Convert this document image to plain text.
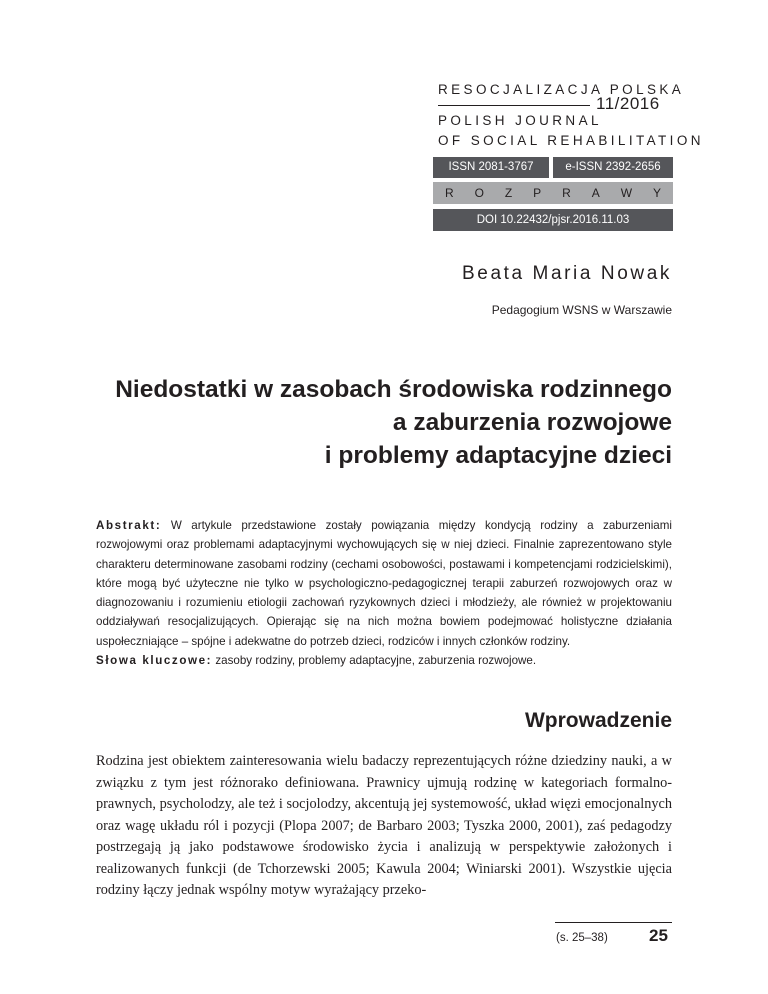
RESOCJALIZACJA POLSKA
11/2016
POLISH JOURNAL
OF SOCIAL REHABILITATION
ISSN 2081-3767	e-ISSN 2392-2656
R O Z P R A W Y
DOI 10.22432/pjsr.2016.11.03
Beata Maria Nowak
Pedagogium WSNS w Warszawie
Niedostatki w zasobach środowiska rodzinnego
a zaburzenia rozwojowe
i problemy adaptacyjne dzieci
Abstrakt: W artykule przedstawione zostały powiązania między kondycją rodziny a zaburzeniami rozwojowymi oraz problemami adaptacyjnymi wychowujących się w niej dzieci. Finalnie zaprezentowano style charakteru determinowane zasobami rodziny (cechami osobowości, postawami i kompetencjami rodzicielskimi), które mogą być użyteczne nie tylko w psychologiczno-pedagogicznej terapii zaburzeń rozwojowych oraz w diagnozowaniu i rozumieniu etiologii zachowań ryzykownych dzieci i młodzieży, ale również w projektowaniu oddziaływań resocjalizujących. Opierając się na nich można bowiem podejmować holistyczne działania uspołeczniające – spójne i adekwatne do potrzeb dzieci, rodziców i innych członków rodziny.
Słowa kluczowe: zasoby rodziny, problemy adaptacyjne, zaburzenia rozwojowe.
Wprowadzenie
Rodzina jest obiektem zainteresowania wielu badaczy reprezentujących różne dziedziny nauki, a w związku z tym jest różnorako definiowana. Prawnicy ujmują rodzinę w kategoriach formalno-prawnych, psycholodzy, ale też i socjolodzy, akcentują jej systemowość, układ więzi emocjonalnych oraz wagę układu ról i pozycji (Plopa 2007; de Barbaro 2003; Tyszka 2000, 2001), zaś pedagodzy postrzegają ją jako podstawowe środowisko życia i analizują w perspektywie założonych i realizowanych funkcji (de Tchorzewski 2005; Kawula 2004; Winiarski 2001). Wszystkie ujęcia rodziny łączy jednak wspólny motyw wyrażający przeko-
(s. 25–38) 25
